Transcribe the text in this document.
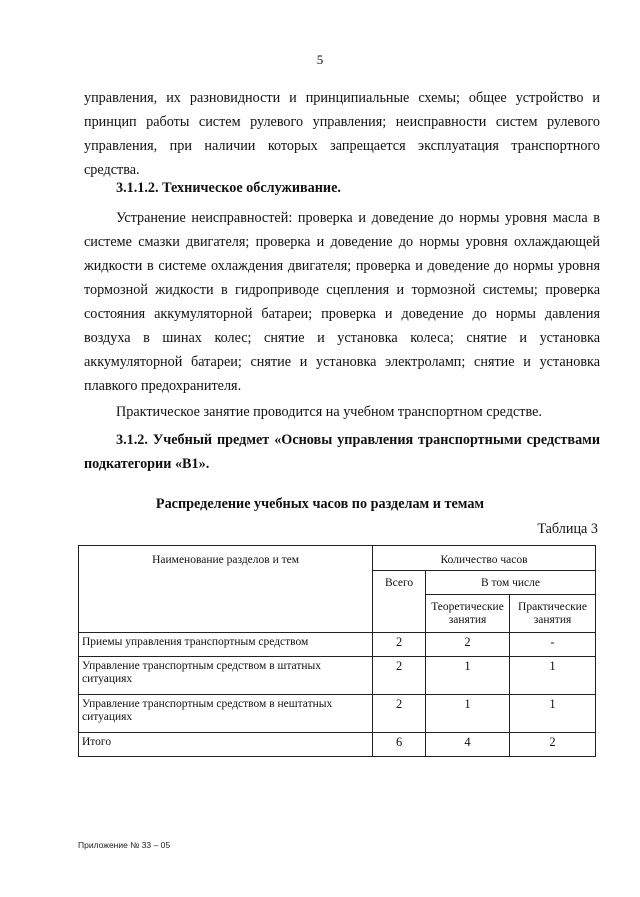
5

управления, их разновидности и принципиальные схемы; общее устройство и принцип работы систем рулевого управления; неисправности систем рулевого управления, при наличии которых запрещается эксплуатация транспортного средства.

3.1.1.2. Техническое обслуживание.

Устранение неисправностей: проверка и доведение до нормы уровня масла в системе смазки двигателя; проверка и доведение до нормы уровня охлаждающей жидкости в системе охлаждения двигателя; проверка и доведение до нормы уровня тормозной жидкости в гидроприводе сцепления и тормозной системы; проверка состояния аккумуляторной батареи; проверка и доведение до нормы давления воздуха в шинах колес; снятие и установка колеса; снятие и установка аккумуляторной батареи; снятие и установка электроламп; снятие и установка плавкого предохранителя.

Практическое занятие проводится на учебном транспортном средстве.

3.1.2. Учебный предмет «Основы управления транспортными средствами подкатегории «В1».

Распределение учебных часов по разделам и темам
Таблица 3
Наименование разделов и тем	Количество часов		
	Всего	В том числе	
		Теоретические занятия	Практические занятия
Приемы управления транспортным средством	2	2	-
Управление транспортным средством в штатных ситуациях	2	1	1
Управление транспортным средством в нештатных ситуациях	2	1	1
Итого	6	4	2
Приложение № 33 – 05
